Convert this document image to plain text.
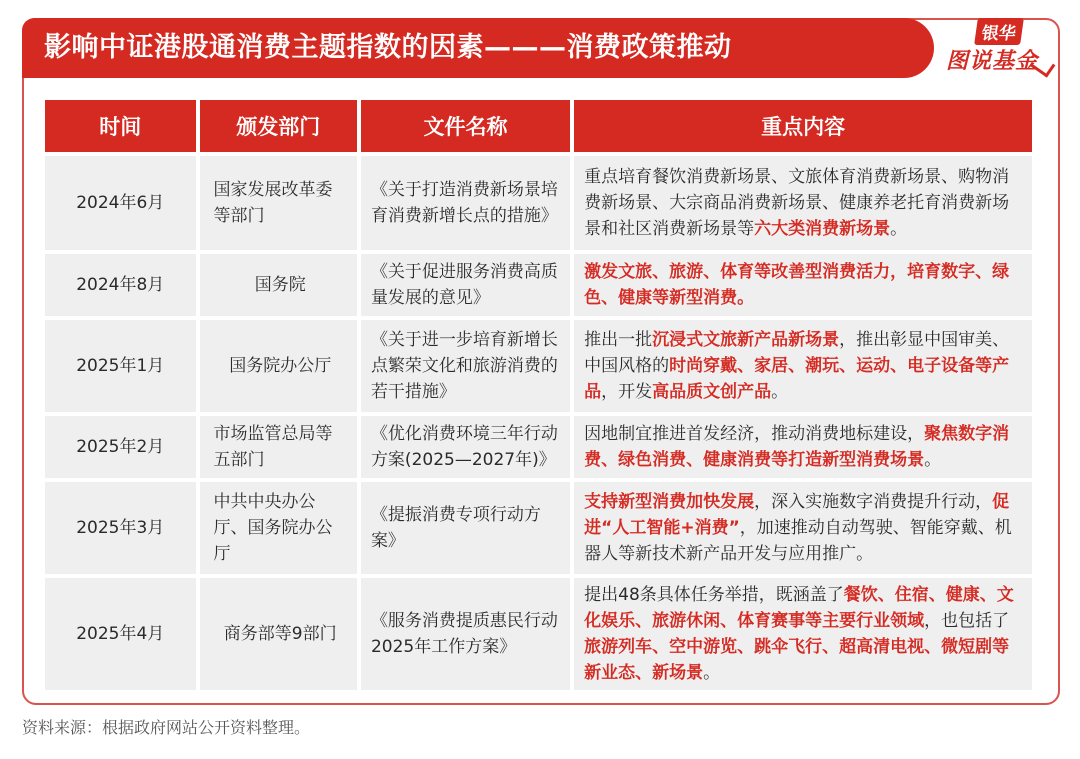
影响中证港股通消费主题指数的因素———消费政策推动	银华
图说基金
时间	颁发部门	文件名称	重点内容
2024年6月	国家发展改革委等部门	《关于打造消费新场景培育消费新增长点的措施》	重点培育餐饮消费新场景、文旅体育消费新场景、购物消费新场景、大宗商品消费新场景、健康养老托育消费新场景和社区消费新场景等六大类消费新场景。
2024年8月	国务院	《关于促进服务消费高质量发展的意见》	激发文旅、旅游、体育等改善型消费活力，培育数字、绿色、健康等新型消费。
2025年1月	国务院办公厅	《关于进一步培育新增长点繁荣文化和旅游消费的若干措施》	推出一批沉浸式文旅新产品新场景，推出彰显中国审美、中国风格的时尚穿戴、家居、潮玩、运动、电子设备等产品，开发高品质文创产品。
2025年2月	市场监管总局等五部门	《优化消费环境三年行动方案(2025—2027年)》	因地制宜推进首发经济，推动消费地标建设，聚焦数字消费、绿色消费、健康消费等打造新型消费场景。
2025年3月	中共中央办公厅、国务院办公厅	《提振消费专项行动方案》	支持新型消费加快发展，深入实施数字消费提升行动，促进“人工智能+消费”，加速推动自动驾驶、智能穿戴、机器人等新技术新产品开发与应用推广。
2025年4月	商务部等9部门	《服务消费提质惠民行动2025年工作方案》	提出48条具体任务举措，既涵盖了餐饮、住宿、健康、文化娱乐、旅游休闲、体育赛事等主要行业领域，也包括了旅游列车、空中游览、跳伞飞行、超高清电视、微短剧等新业态、新场景。
资料来源：根据政府网站公开资料整理。
